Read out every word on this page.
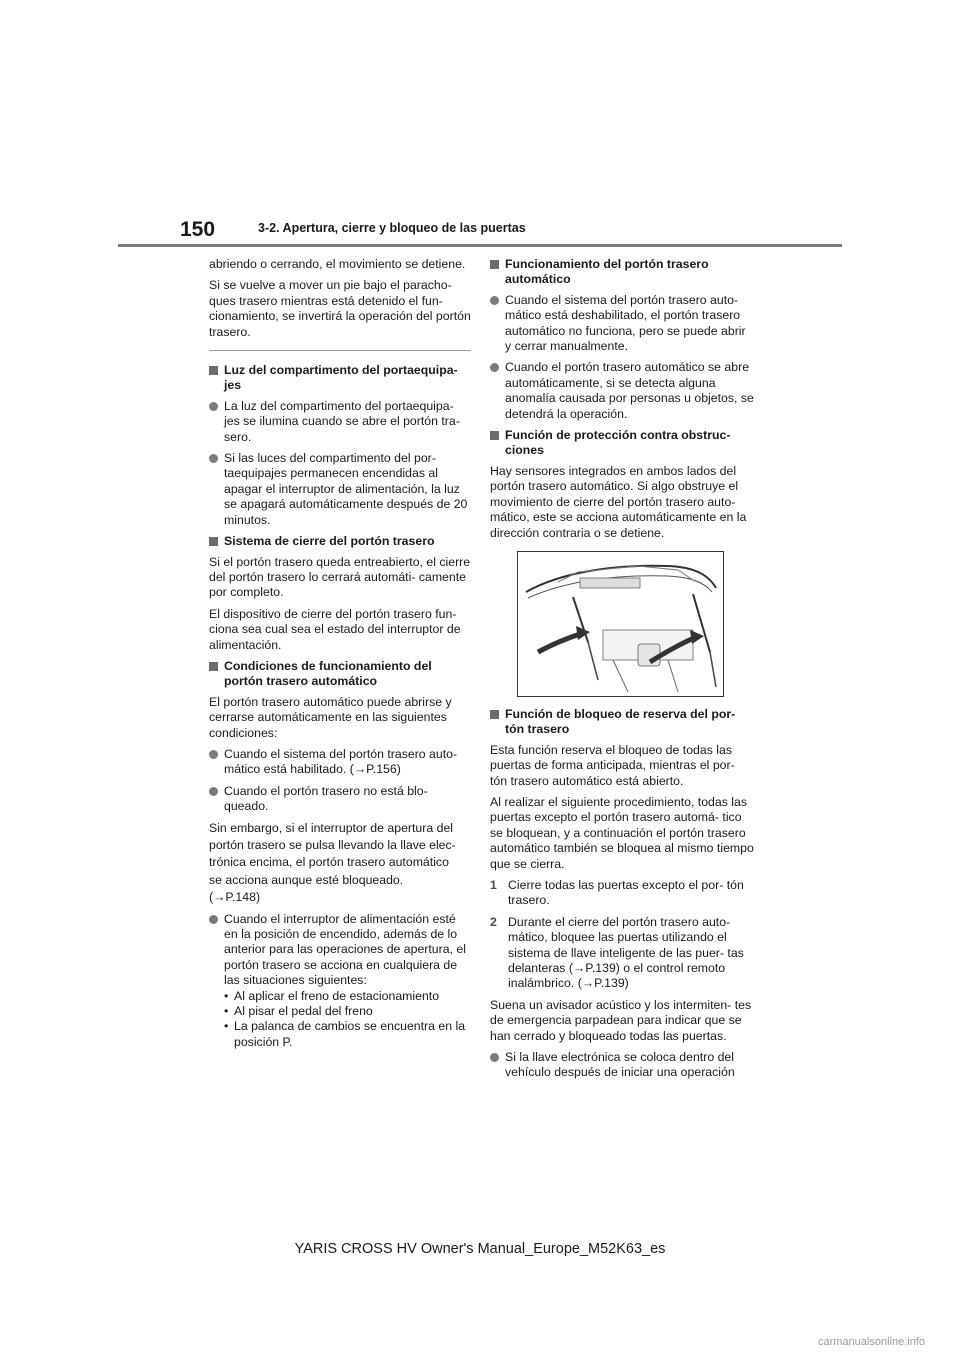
150	3-2. Apertura, cierre y bloqueo de las puertas

abriendo o cerrando, el movimiento se detiene.

Si se vuelve a mover un pie bajo el paracho- ques trasero mientras está detenido el fun- cionamiento, se invertirá la operación del portón trasero.

Luz del compartimento del portaequipa- jes
La luz del compartimento del portaequipa- jes se ilumina cuando se abre el portón tra- sero.
Si las luces del compartimento del por- taequipajes permanecen encendidas al apagar el interruptor de alimentación, la luz se apagará automáticamente después de 20 minutos.
Sistema de cierre del portón trasero

Si el portón trasero queda entreabierto, el cierre del portón trasero lo cerrará automáti- camente por completo.

El dispositivo de cierre del portón trasero fun- ciona sea cual sea el estado del interruptor de alimentación.

Condiciones de funcionamiento del portón trasero automático

El portón trasero automático puede abrirse y cerrarse automáticamente en las siguientes condiciones:

Cuando el sistema del portón trasero auto- mático está habilitado. (→P.156)
Cuando el portón trasero no está blo- queado.

Sin embargo, si el interruptor de apertura del

portón trasero se pulsa llevando la llave elec-

trónica encima, el portón trasero automático

se acciona aunque esté bloqueado.

(→P.148)

Cuando el interruptor de alimentación esté en la posición de encendido, además de lo anterior para las operaciones de apertura, el portón trasero se acciona en cualquiera de las situaciones siguientes:
• Al aplicar el freno de estacionamiento
• Al pisar el pedal del freno
• La palanca de cambios se encuentra en la posición P.
Funcionamiento del portón trasero automático
Cuando el sistema del portón trasero auto- mático está deshabilitado, el portón trasero automático no funciona, pero se puede abrir y cerrar manualmente.
Cuando el portón trasero automático se abre automáticamente, si se detecta alguna anomalía causada por personas u objetos, se detendrá la operación.
Función de protección contra obstruc- ciones

Hay sensores integrados en ambos lados del portón trasero automático. Si algo obstruye el movimiento de cierre del portón trasero auto- mático, este se acciona automáticamente en la dirección contraria o se detiene.

Función de bloqueo de reserva del por- tón trasero

Esta función reserva el bloqueo de todas las puertas de forma anticipada, mientras el por- tón trasero automático está abierto.

Al realizar el siguiente procedimiento, todas las puertas excepto el portón trasero automá- tico se bloquean, y a continuación el portón trasero automático también se bloquea al mismo tiempo que se cierra.

1 Cierre todas las puertas excepto el por- tón trasero.
2 Durante el cierre del portón trasero auto- mático, bloquee las puertas utilizando el sistema de llave inteligente de las puer- tas delanteras (→P.139) o el control remoto inalámbrico. (→P.139)

Suena un avisador acústico y los intermiten- tes de emergencia parpadean para indicar que se han cerrado y bloqueado todas las puertas.

Si la llave electrónica se coloca dentro del vehículo después de iniciar una operación
YARIS CROSS HV Owner's Manual_Europe_M52K63_es
carmanualsonline.info
